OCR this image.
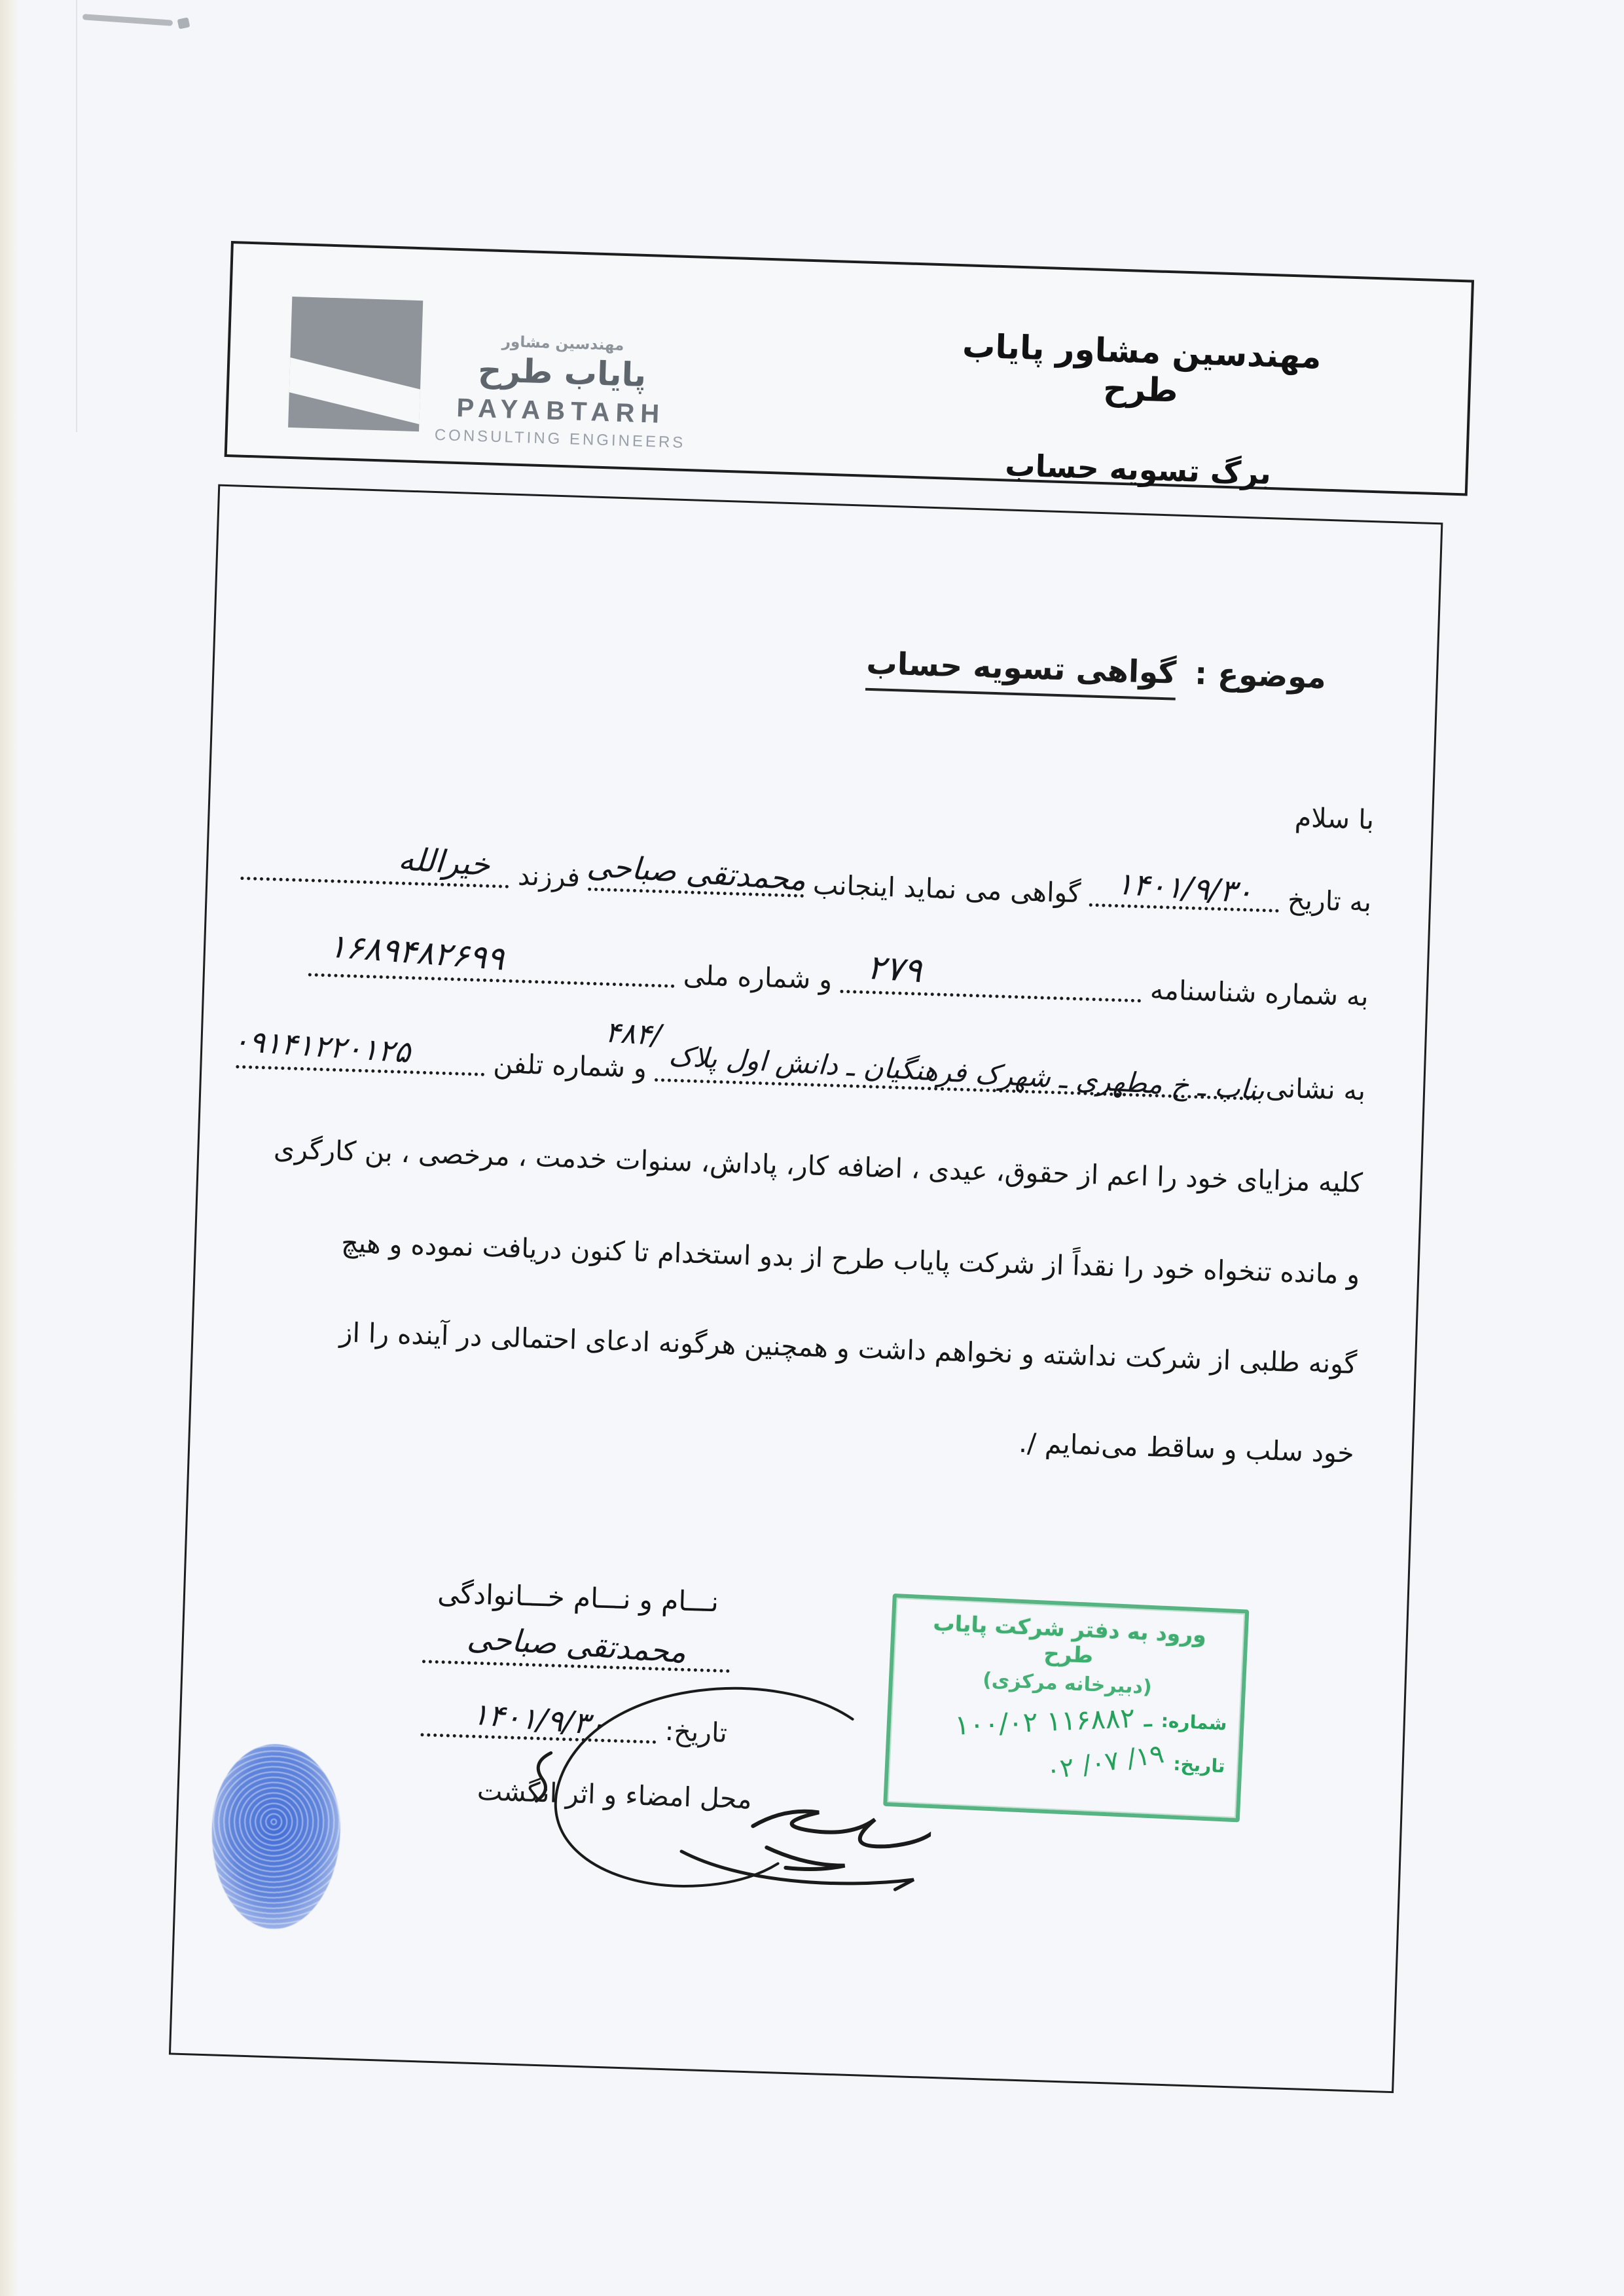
مهندسین مشاور
پایاب طرح
PAYABTARH
CONSULTING ENGINEERS
مهندسین مشاور پایاب طرح
برگ تسویه حساب
موضوع : گواهی تسویه حساب
با سلام
به تاریخ
۱۴۰۱/۹/۳۰
گواهی می نماید اینجانب
محمدتقی صباحی
فرزند
خیرالله
به شماره شناسنامه
۲۷۹
و شماره ملی
۱۶۸۹۴۸۲۶۹۹
به نشانی
بناب ـ خ مطهری ـ شهرک فرهنگیان ـ دانش اول پلاک ۴۸۴/
و شماره تلفن
۰۹۱۴۱۲۲۰۱۲۵
کلیه مزایای خود را اعم از حقوق، عیدی ، اضافه کار، پاداش، سنوات خدمت ، مرخصی ، بن کارگری
و مانده تنخواه خود را نقداً از شرکت پایاب طرح از بدو استخدام تا کنون دریافت نموده و هیچ
گونه طلبی از شرکت نداشته و نخواهم داشت و همچنین هرگونه ادعای احتمالی در آینده را از
خود سلب و ساقط می‌نمایم /.
نـــام و نـــام خـــانوادگی
محمدتقی صباحی
تاریخ:
۱۴۰۱/۹/۳۰
محل امضاء و اثر انگشت
ورود به دفتر شرکت پایاب طرح
(دبیرخانه مرکزی)
شماره:
۱۰۰/۰۲ ـ ۱۱۶۸۸۲
تاریخ:
۰۲ /۰۷ /۱۹
